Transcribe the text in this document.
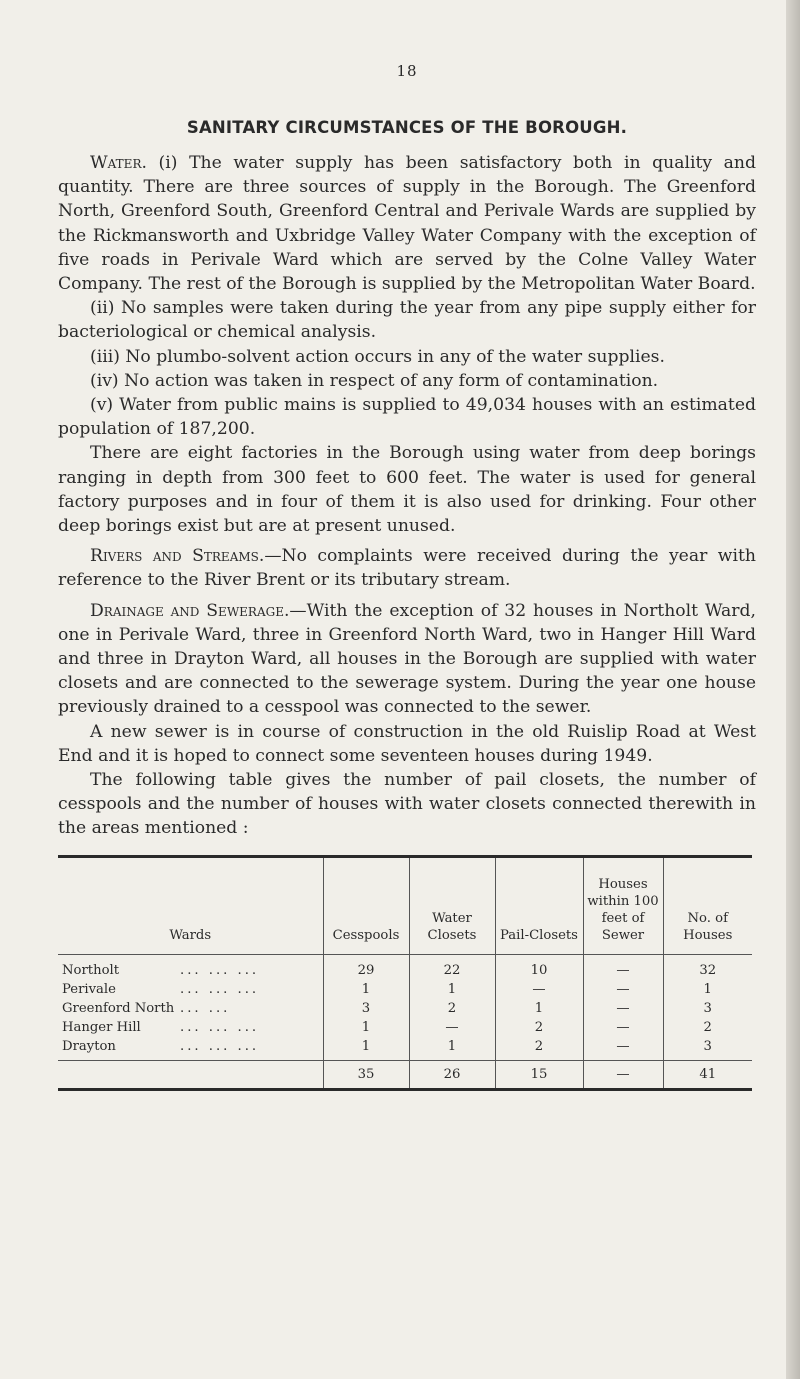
18
SANITARY CIRCUMSTANCES OF THE BOROUGH.

Water. (i) The water supply has been satisfactory both in quality and quantity. There are three sources of supply in the Borough. The Greenford North, Greenford South, Greenford Central and Perivale Wards are supplied by the Rickmansworth and Uxbridge Valley Water Company with the exception of five roads in Perivale Ward which are served by the Colne Valley Water Company. The rest of the Borough is supplied by the Metropolitan Water Board.

(ii) No samples were taken during the year from any pipe supply either for bacteriological or chemical analysis.

(iii) No plumbo-solvent action occurs in any of the water supplies.

(iv) No action was taken in respect of any form of contamination.

(v) Water from public mains is supplied to 49,034 houses with an estimated population of 187,200.

There are eight factories in the Borough using water from deep borings ranging in depth from 300 feet to 600 feet. The water is used for general factory purposes and in four of them it is also used for drinking. Four other deep borings exist but are at present unused.

Rivers and Streams.—No complaints were received during the year with reference to the River Brent or its tributary stream.

Drainage and Sewerage.—With the exception of 32 houses in Northolt Ward, one in Perivale Ward, three in Greenford North Ward, two in Hanger Hill Ward and three in Drayton Ward, all houses in the Borough are supplied with water closets and are connected to the sewerage system. During the year one house previously drained to a cesspool was connected to the sewer.

A new sewer is in course of construction in the old Ruislip Road at West End and it is hoped to connect some seventeen houses during 1949.

The following table gives the number of pail closets, the number of cesspools and the number of houses with water closets connected therewith in the areas mentioned :

Wards	Cesspools	Water Closets	Pail-Closets	Houses within 100 feet of Sewer	No. of Houses
Northolt ... ... ...	29	22	10	—	32
Perivale ... ... ...	1	1	—	—	1
Greenford North ... ...	3	2	1	—	3
Hanger Hill ... ... ...	1	—	2	—	2
Drayton ... ... ...	1	1	2	—	3
	35	26	15	—	41
